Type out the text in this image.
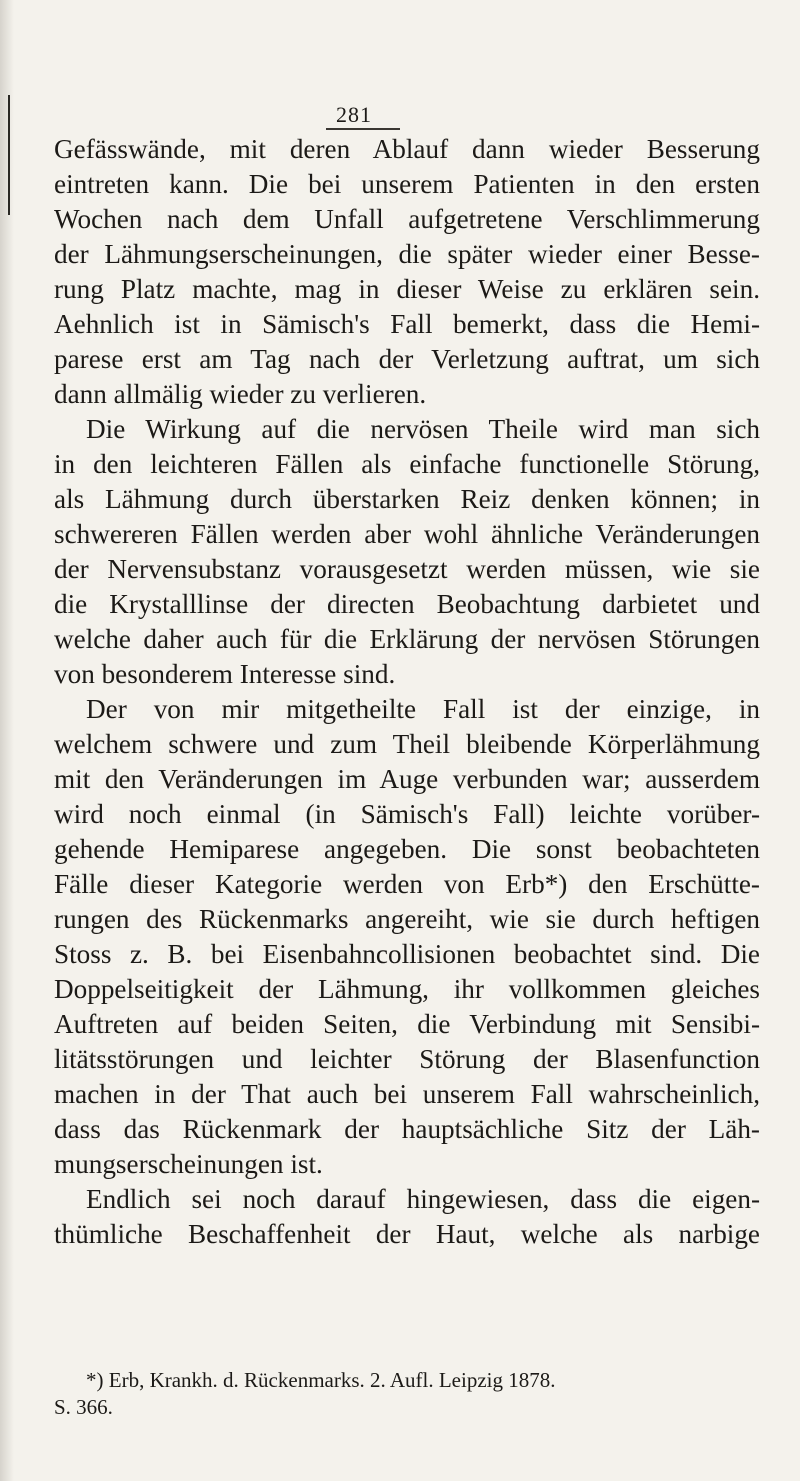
281
Gefässwände, mit deren Ablauf dann wieder Besserung
eintreten kann. Die bei unserem Patienten in den ersten
Wochen nach dem Unfall aufgetretene Verschlimmerung
der Lähmungserscheinungen, die später wieder einer Besse-
rung Platz machte, mag in dieser Weise zu erklären sein.
Aehnlich ist in Sämisch's Fall bemerkt, dass die Hemi-
parese erst am Tag nach der Verletzung auftrat, um sich
dann allmälig wieder zu verlieren.
Die Wirkung auf die nervösen Theile wird man sich
in den leichteren Fällen als einfache functionelle Störung,
als Lähmung durch überstarken Reiz denken können; in
schwereren Fällen werden aber wohl ähnliche Veränderungen
der Nervensubstanz vorausgesetzt werden müssen, wie sie
die Krystalllinse der directen Beobachtung darbietet und
welche daher auch für die Erklärung der nervösen Störungen
von besonderem Interesse sind.
Der von mir mitgetheilte Fall ist der einzige, in
welchem schwere und zum Theil bleibende Körperlähmung
mit den Veränderungen im Auge verbunden war; ausserdem
wird noch einmal (in Sämisch's Fall) leichte vorüber-
gehende Hemiparese angegeben. Die sonst beobachteten
Fälle dieser Kategorie werden von Erb*) den Erschütte-
rungen des Rückenmarks angereiht, wie sie durch heftigen
Stoss z. B. bei Eisenbahncollisionen beobachtet sind. Die
Doppelseitigkeit der Lähmung, ihr vollkommen gleiches
Auftreten auf beiden Seiten, die Verbindung mit Sensibi-
litätsstörungen und leichter Störung der Blasenfunction
machen in der That auch bei unserem Fall wahrscheinlich,
dass das Rückenmark der hauptsächliche Sitz der Läh-
mungserscheinungen ist.
Endlich sei noch darauf hingewiesen, dass die eigen-
thümliche Beschaffenheit der Haut, welche als narbige
*) Erb, Krankh. d. Rückenmarks. 2. Aufl. Leipzig 1878.
S. 366.
